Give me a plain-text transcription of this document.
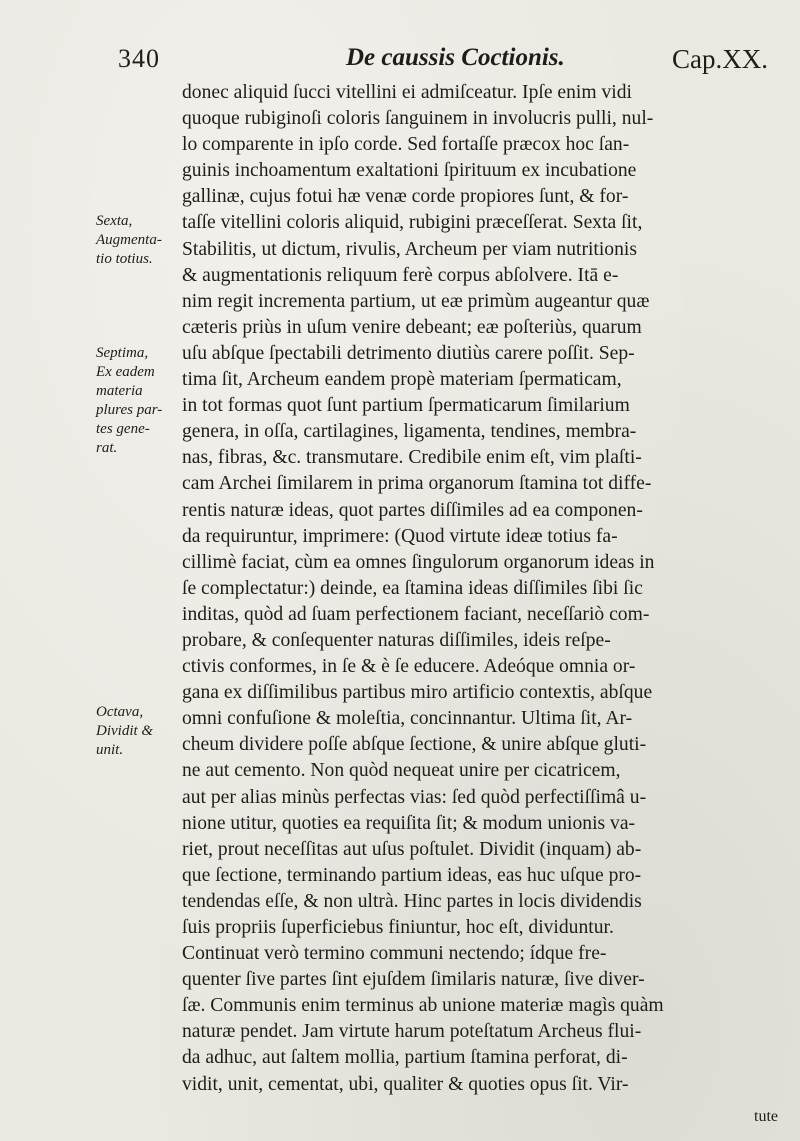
340	De caussis Coctionis.	Cap.XX.
donec aliquid ſucci vitellini ei admiſceatur. Ipſe enim vidi
quoque rubiginoſi coloris ſanguinem in involucris pulli, nul-
lo comparente in ipſo corde. Sed fortaſſe præcox hoc ſan-
guinis inchoamentum exaltationi ſpirituum ex incubatione
gallinæ, cujus fotui hæ venæ corde propiores ſunt, & for-
taſſe vitellini coloris aliquid, rubigini præceſſerat. Sexta ſit,
Stabilitis, ut dictum, rivulis, Archeum per viam nutritionis
& augmentationis reliquum ferè corpus abſolvere. Itā e-
nim regit incrementa partium, ut eæ primùm augeantur quæ
cæteris priùs in uſum venire debeant; eæ poſteriùs, quarum
uſu abſque ſpectabili detrimento diutiùs carere poſſit. Sep-
tima ſit, Archeum eandem propè materiam ſpermaticam,
in tot formas quot ſunt partium ſpermaticarum ſimilarium
genera, in oſſa, cartilagines, ligamenta, tendines, membra-
nas, fibras, &c. transmutare. Credibile enim eſt, vim plaſti-
cam Archei ſimilarem in prima organorum ſtamina tot diffe-
rentis naturæ ideas, quot partes diſſimiles ad ea componen-
da requiruntur, imprimere: (Quod virtute ideæ totius fa-
cillimè faciat, cùm ea omnes ſingulorum organorum ideas in
ſe complectatur:) deinde, ea ſtamina ideas diſſimiles ſibi ſic
inditas, quòd ad ſuam perfectionem faciant, neceſſariò com-
probare, & conſequenter naturas diſſimiles, ideis reſpe-
ctivis conformes, in ſe & è ſe educere. Adeóque omnia or-
gana ex diſſimilibus partibus miro artificio contextis, abſque
omni confuſione & moleſtia, concinnantur. Ultima ſit, Ar-
cheum dividere poſſe abſque ſectione, & unire abſque gluti-
ne aut cemento. Non quòd nequeat unire per cicatricem,
aut per alias minùs perfectas vias: ſed quòd perfectiſſimâ u-
nione utitur, quoties ea requiſita ſit; & modum unionis va-
riet, prout neceſſitas aut uſus poſtulet. Dividit (inquam) ab-
que ſectione, terminando partium ideas, eas huc uſque pro-
tendendas eſſe, & non ultrà. Hinc partes in locis dividendis
ſuis propriis ſuperficiebus finiuntur, hoc eſt, dividuntur.
Continuat verò termino communi nectendo; ídque fre-
quenter ſive partes ſint ejuſdem ſimilaris naturæ, ſive diver-
ſæ. Communis enim terminus ab unione materiæ magìs quàm
naturæ pendet. Jam virtute harum poteſtatum Archeus flui-
da adhuc, aut ſaltem mollia, partium ſtamina perforat, di-
vidit, unit, cementat, ubi, qualiter & quoties opus ſit. Vir-
Sexta,
Augmenta-
tio totius.
Septima,
Ex eadem
materia
plures par-
tes gene-
rat.
Octava,
Dividit &
unit.
tute
